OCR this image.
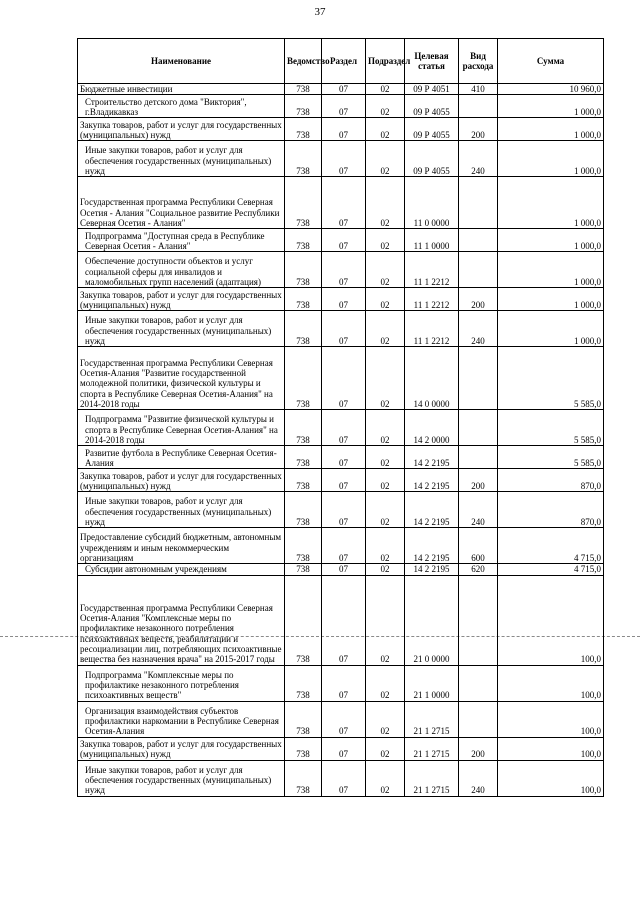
37
Наименование	Ведомство	Раздел	Подраздел	Целевая статья	Вид расхода	Сумма
Бюджетные инвестиции	738	07	02	09 Р 4051	410	10 960,0
Строительство детского дома "Виктория", г.Владикавказ	738	07	02	09 Р 4055		1 000,0
Закупка товаров, работ и услуг для государственных (муниципальных) нужд	738	07	02	09 Р 4055	200	1 000,0
Иные закупки товаров, работ и услуг для обеспечения государственных (муниципальных) нужд	738	07	02	09 Р 4055	240	1 000,0
Государственная программа Республики Северная Осетия - Алания "Социальное развитие Республики Северная Осетия - Алания"	738	07	02	11 0 0000		1 000,0
Подпрограмма "Доступная среда в Республике Северная Осетия - Алания"	738	07	02	11 1 0000		1 000,0
Обеспечение доступности объектов и услуг социальной сферы для инвалидов и маломобильных групп населений (адаптация)	738	07	02	11 1 2212		1 000,0
Закупка товаров, работ и услуг для государственных (муниципальных) нужд	738	07	02	11 1 2212	200	1 000,0
Иные закупки товаров, работ и услуг для обеспечения государственных (муниципальных) нужд	738	07	02	11 1 2212	240	1 000,0
Государственная программа Республики Северная Осетия-Алания "Развитие государственной молодежной политики, физической культуры и спорта в Республике Северная Осетия-Алания" на 2014-2018 годы	738	07	02	14 0 0000		5 585,0
Подпрограмма "Развитие физической культуры и спорта в Республике Северная Осетия-Алания" на 2014-2018 годы	738	07	02	14 2 0000		5 585,0
Развитие футбола в Республике Северная Осетия-Алания	738	07	02	14 2 2195		5 585,0
Закупка товаров, работ и услуг для государственных (муниципальных) нужд	738	07	02	14 2 2195	200	870,0
Иные закупки товаров, работ и услуг для обеспечения государственных (муниципальных) нужд	738	07	02	14 2 2195	240	870,0
Предоставление субсидий бюджетным, автономным учреждениям и иным некоммерческим организациям	738	07	02	14 2 2195	600	4 715,0
Субсидии автономным учреждениям	738	07	02	14 2 2195	620	4 715,0
Государственная программа Республики Северная Осетия-Алания "Комплексные меры по профилактике незаконного потребления психоактивных веществ, реабилитации и ресоциализации лиц, потребляющих психоактивные вещества без назначения врача" на 2015-2017 годы	738	07	02	21 0 0000		100,0
Подпрограмма "Комплексные меры по профилактике незаконного потребления психоактивных веществ"	738	07	02	21 1 0000		100,0
Организация взаимодействия субъектов профилактики наркомании в Республике Северная Осетия-Алания	738	07	02	21 1 2715		100,0
Закупка товаров, работ и услуг для государственных (муниципальных) нужд	738	07	02	21 1 2715	200	100,0
Иные закупки товаров, работ и услуг для обеспечения государственных (муниципальных) нужд	738	07	02	21 1 2715	240	100,0
